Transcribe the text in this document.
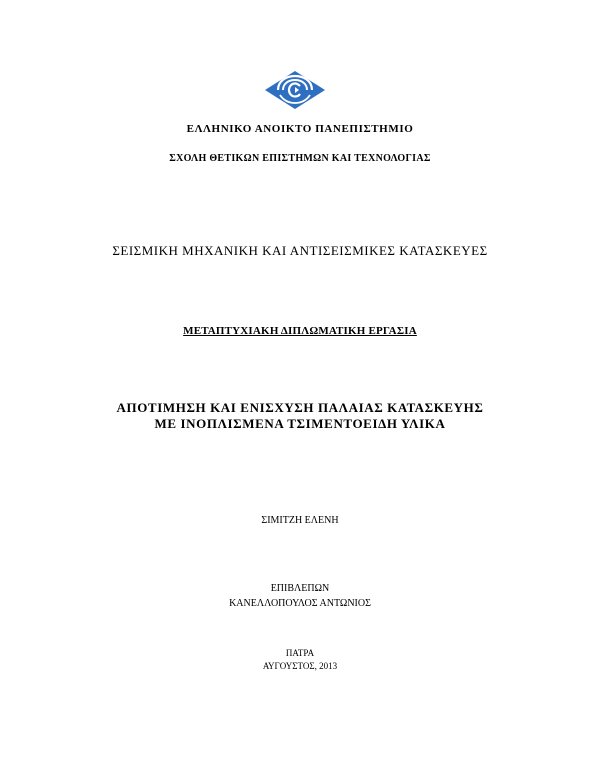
ΕΛΛΗΝΙΚΟ ΑΝΟΙΚΤΟ ΠΑΝΕΠΙΣΤΗΜΙΟ
ΣΧΟΛΗ ΘΕΤΙΚΩΝ ΕΠΙΣΤΗΜΩΝ ΚΑΙ ΤΕΧΝΟΛΟΓΙΑΣ
ΣΕΙΣΜΙΚΗ ΜΗΧΑΝΙΚΗ ΚΑΙ ΑΝΤΙΣΕΙΣΜΙΚΕΣ ΚΑΤΑΣΚΕΥΕΣ
ΜΕΤΑΠΤΥΧΙΑΚΗ ΔΙΠΛΩΜΑΤΙΚΗ ΕΡΓΑΣΙΑ
ΑΠΟΤΙΜΗΣΗ ΚΑΙ ΕΝΙΣΧΥΣΗ ΠΑΛΑΙΑΣ ΚΑΤΑΣΚΕΥΗΣ
ΜΕ ΙΝΟΠΛΙΣΜΕΝΑ ΤΣΙΜΕΝΤΟΕΙΔΗ ΥΛΙΚΑ
ΣΙΜΙΤΖΗ ΕΛΕΝΗ
ΕΠΙΒΛΕΠΩΝ
ΚΑΝΕΛΛΟΠΟΥΛΟΣ ΑΝΤΩΝΙΟΣ
ΠΑΤΡΑ
ΑΥΓΟΥΣΤΟΣ, 2013
